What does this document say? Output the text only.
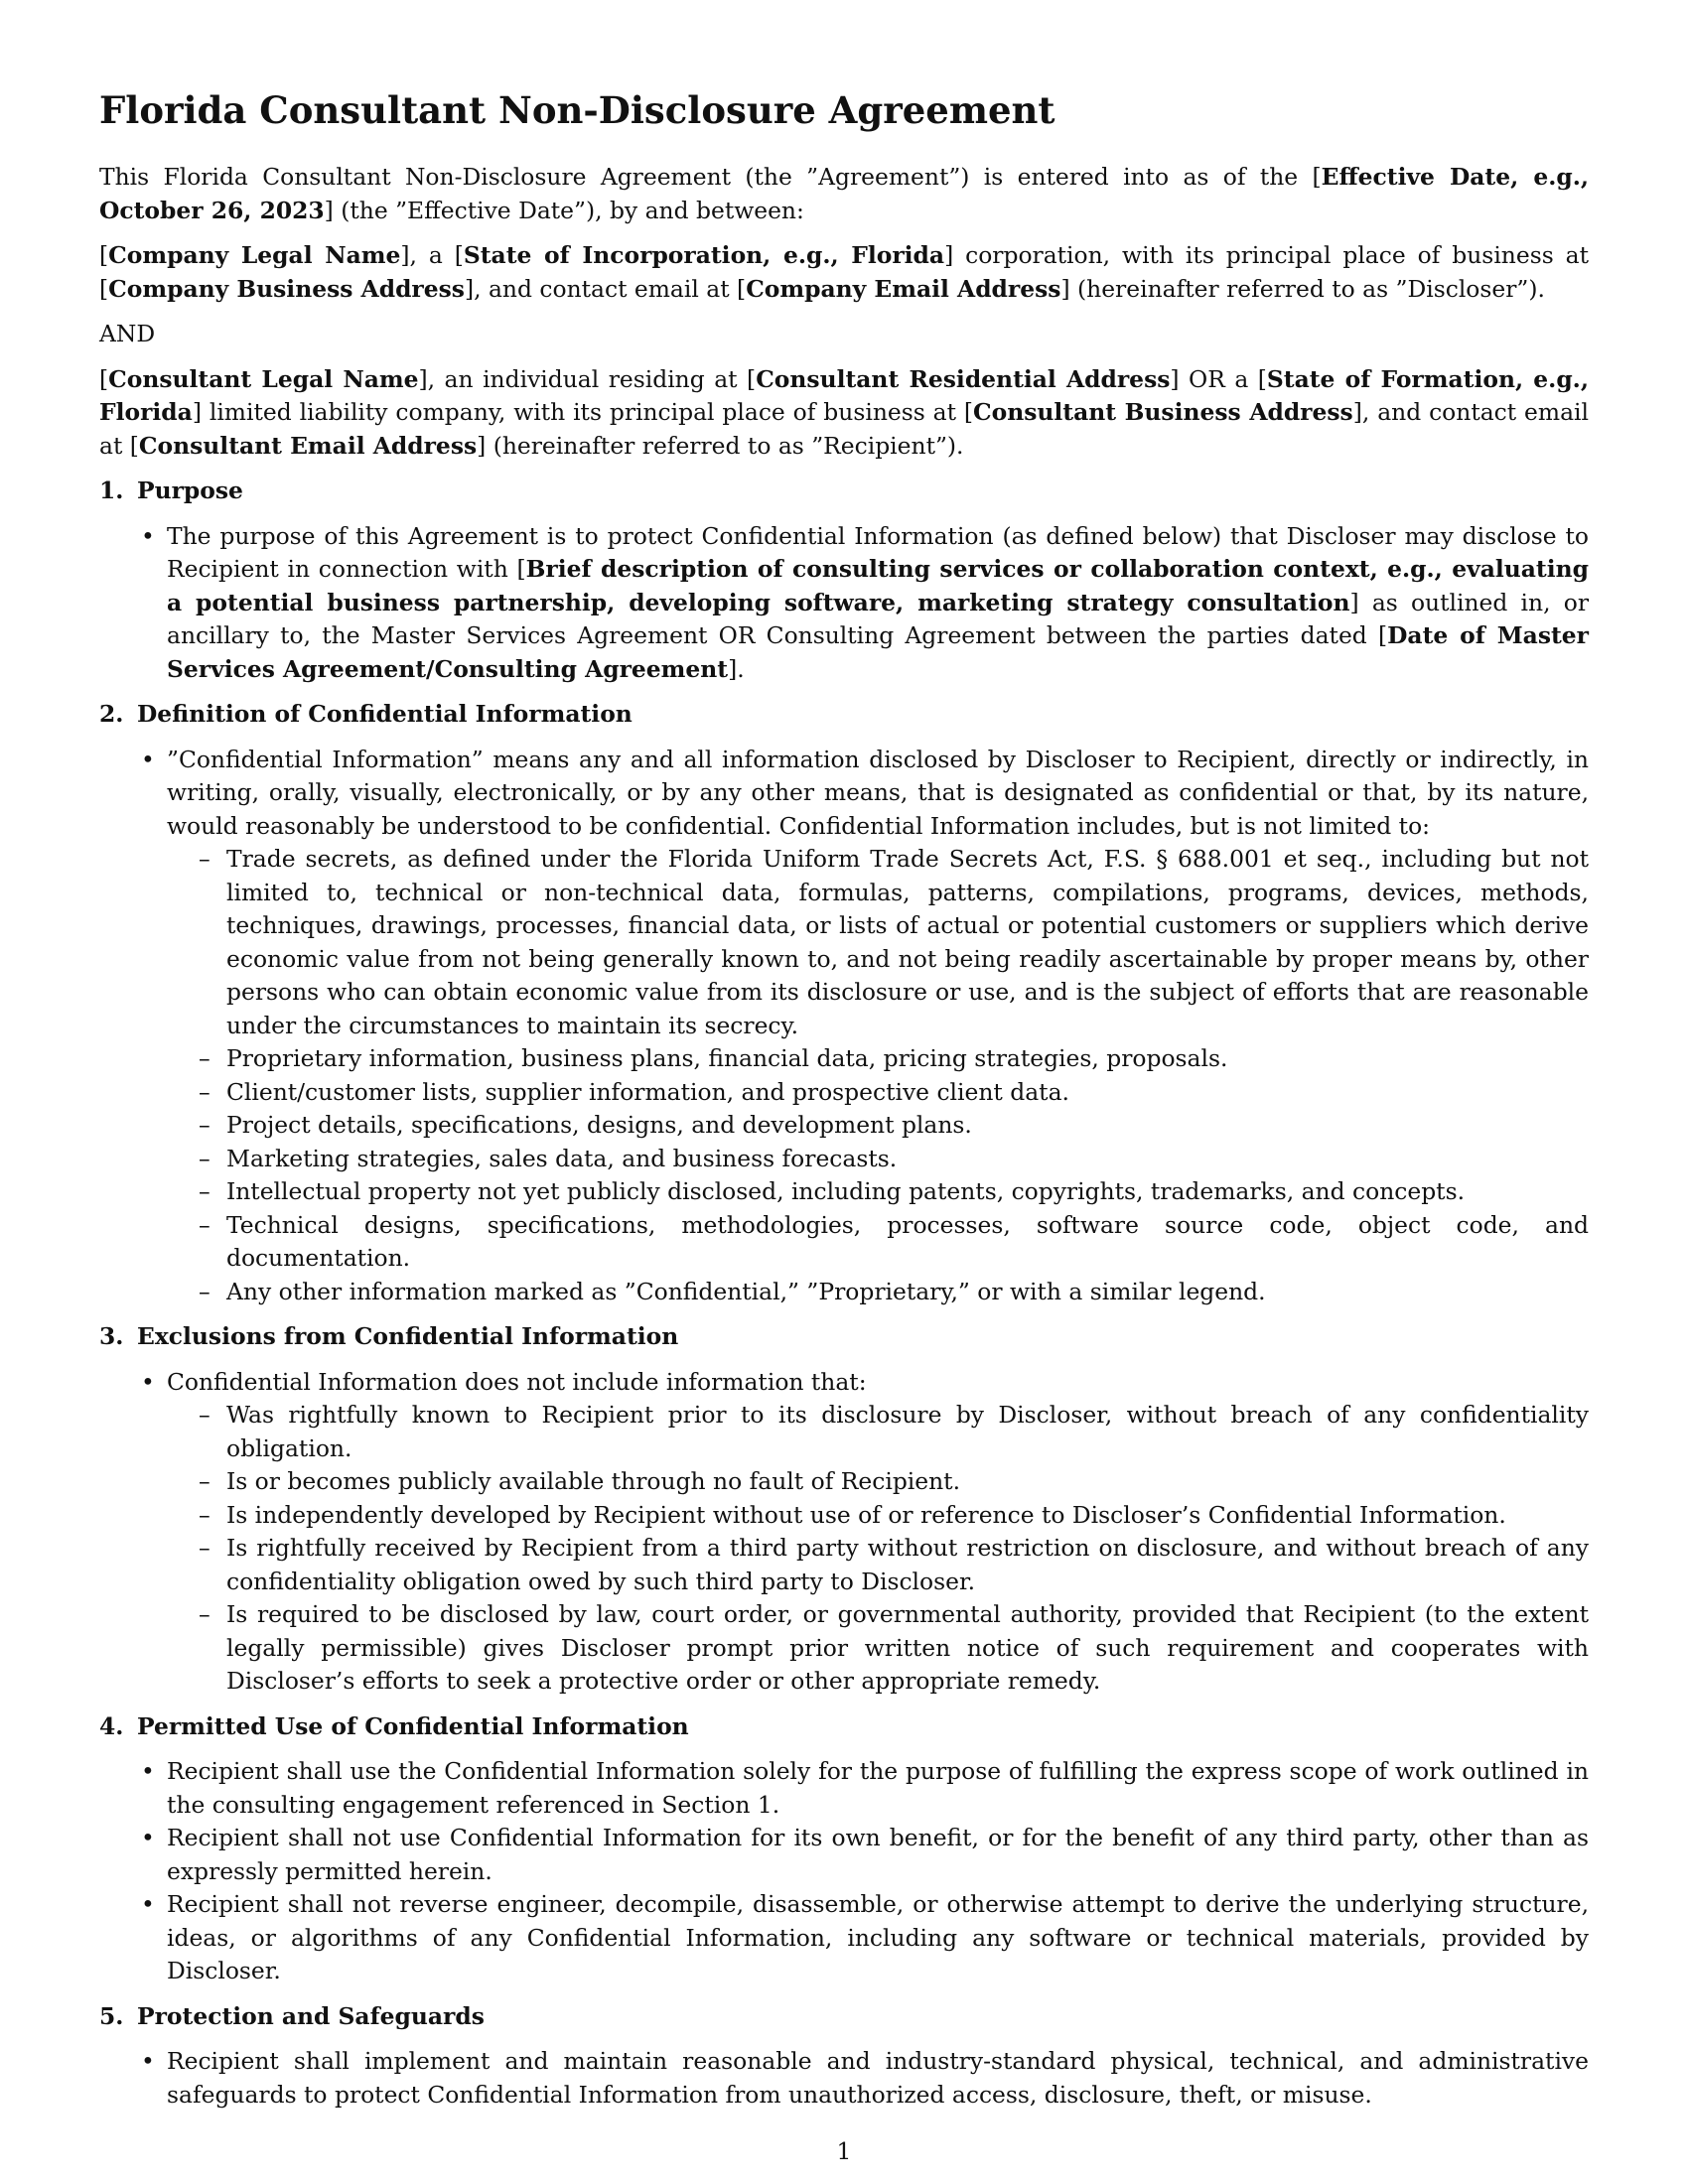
Florida Consultant Non-Disclosure Agreement

This Florida Consultant Non-Disclosure Agreement (the ”Agreement”) is entered into as of the [Effective Date, e.g., October 26, 2023] (the ”Effective Date”), by and between:

[Company Legal Name], a [State of Incorporation, e.g., Florida] corporation, with its principal place of business at [Company Business Address], and contact email at [Company Email Address] (hereinafter referred to as ”Discloser”).

AND

[Consultant Legal Name], an individual residing at [Consultant Residential Address] OR a [State of Formation, e.g., Florida] limited liability company, with its principal place of business at [Consultant Business Address], and contact email at [Consultant Email Address] (hereinafter referred to as ”Recipient”).

1. Purpose
• The purpose of this Agreement is to protect Confidential Information (as defined below) that Discloser may disclose to Recipient in connection with [Brief description of consulting services or collaboration context, e.g., evaluating a potential business partnership, developing software, marketing strategy consultation] as outlined in, or ancillary to, the Master Services Agreement OR Consulting Agreement between the parties dated [Date of Master Services Agreement/Consulting Agreement].
2. Definition of Confidential Information
• ”Confidential Information” means any and all information disclosed by Discloser to Recipient, directly or indirectly, in writing, orally, visually, electronically, or by any other means, that is designated as confidential or that, by its nature, would reasonably be understood to be confidential. Confidential Information includes, but is not limited to:
– Trade secrets, as defined under the Florida Uniform Trade Secrets Act, F.S. § 688.001 et seq., including but not limited to, technical or non-technical data, formulas, patterns, compilations, programs, devices, methods, techniques, drawings, processes, financial data, or lists of actual or potential customers or suppliers which derive economic value from not being generally known to, and not being readily ascertainable by proper means by, other persons who can obtain economic value from its disclosure or use, and is the subject of efforts that are reasonable under the circumstances to maintain its secrecy.
– Proprietary information, business plans, financial data, pricing strategies, proposals.
– Client/customer lists, supplier information, and prospective client data.
– Project details, specifications, designs, and development plans.
– Marketing strategies, sales data, and business forecasts.
– Intellectual property not yet publicly disclosed, including patents, copyrights, trademarks, and concepts.
– Technical designs, specifications, methodologies, processes, software source code, object code, and documentation.
– Any other information marked as ”Confidential,” ”Proprietary,” or with a similar legend.
3. Exclusions from Confidential Information
• Confidential Information does not include information that:
– Was rightfully known to Recipient prior to its disclosure by Discloser, without breach of any confidentiality obligation.
– Is or becomes publicly available through no fault of Recipient.
– Is independently developed by Recipient without use of or reference to Discloser’s Confidential Information.
– Is rightfully received by Recipient from a third party without restriction on disclosure, and without breach of any confidentiality obligation owed by such third party to Discloser.
– Is required to be disclosed by law, court order, or governmental authority, provided that Recipient (to the extent legally permissible) gives Discloser prompt prior written notice of such requirement and cooperates with Discloser’s efforts to seek a protective order or other appropriate remedy.
4. Permitted Use of Confidential Information
• Recipient shall use the Confidential Information solely for the purpose of fulfilling the express scope of work outlined in the consulting engagement referenced in Section 1.
• Recipient shall not use Confidential Information for its own benefit, or for the benefit of any third party, other than as expressly permitted herein.
• Recipient shall not reverse engineer, decompile, disassemble, or otherwise attempt to derive the underlying structure, ideas, or algorithms of any Confidential Information, including any software or technical materials, provided by Discloser.
5. Protection and Safeguards
• Recipient shall implement and maintain reasonable and industry-standard physical, technical, and administrative safeguards to protect Confidential Information from unauthorized access, disclosure, theft, or misuse.
1
